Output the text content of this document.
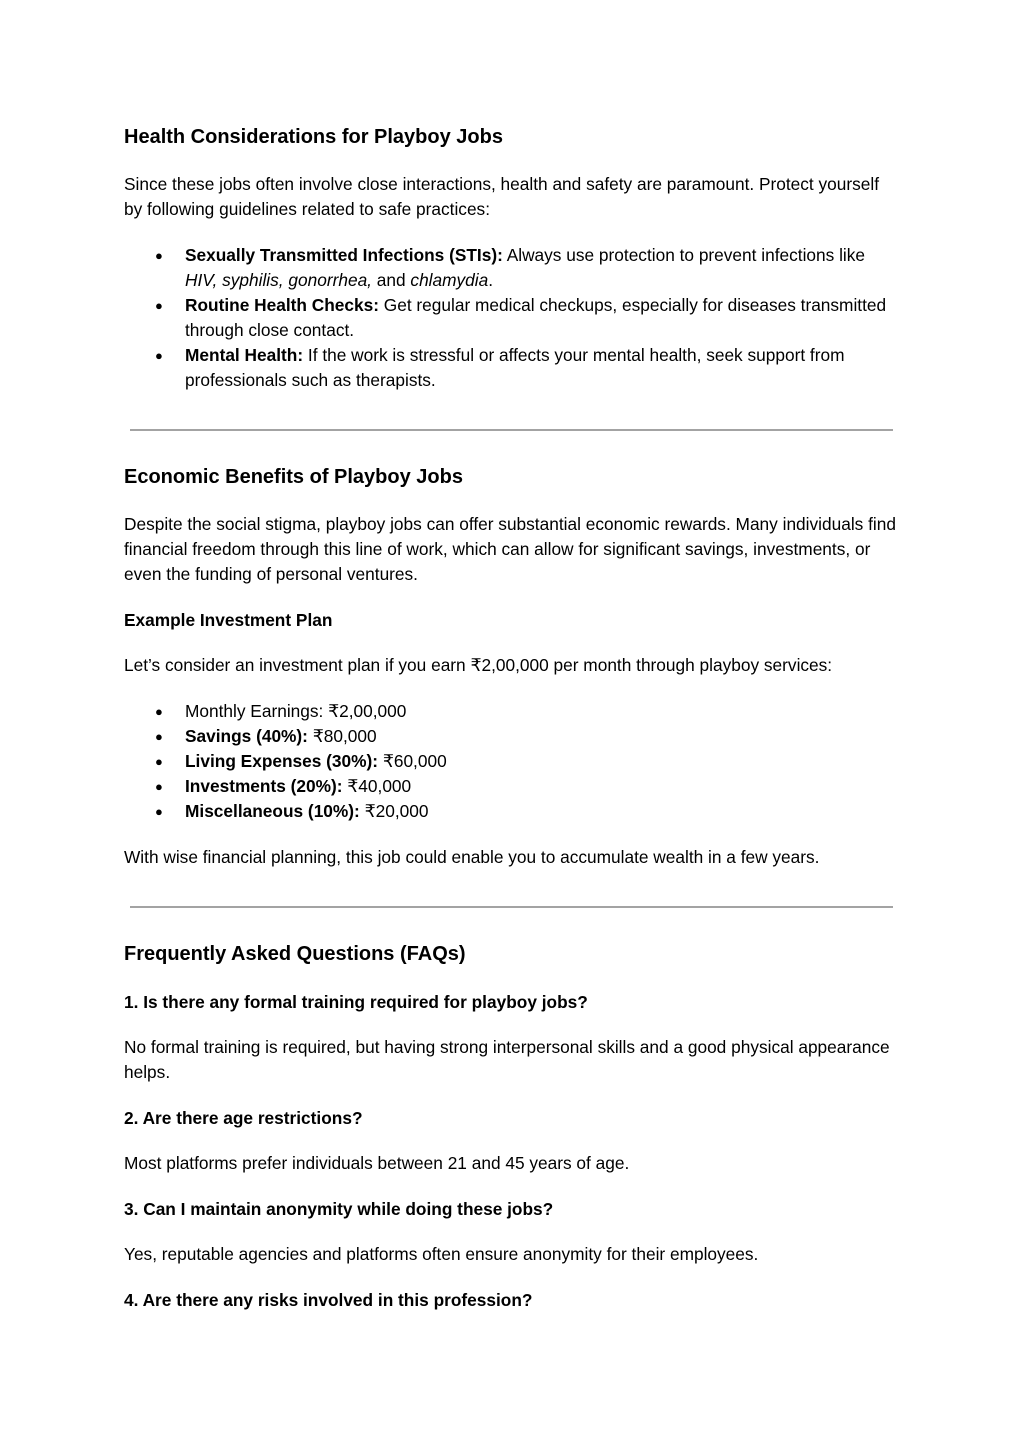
Health Considerations for Playboy Jobs
Since these jobs often involve close interactions, health and safety are paramount. Protect yourself by following guidelines related to safe practices:
● Sexually Transmitted Infections (STIs): Always use protection to prevent infections like HIV, syphilis, gonorrhea, and chlamydia.
● Routine Health Checks: Get regular medical checkups, especially for diseases transmitted through close contact.
● Mental Health: If the work is stressful or affects your mental health, seek support from professionals such as therapists.
Economic Benefits of Playboy Jobs
Despite the social stigma, playboy jobs can offer substantial economic rewards. Many individuals find financial freedom through this line of work, which can allow for significant savings, investments, or even the funding of personal ventures.
Example Investment Plan
Let’s consider an investment plan if you earn ₹2,00,000 per month through playboy services:
● Monthly Earnings: ₹2,00,000
● Savings (40%): ₹80,000
● Living Expenses (30%): ₹60,000
● Investments (20%): ₹40,000
● Miscellaneous (10%): ₹20,000
With wise financial planning, this job could enable you to accumulate wealth in a few years.
Frequently Asked Questions (FAQs)
1. Is there any formal training required for playboy jobs?
No formal training is required, but having strong interpersonal skills and a good physical appearance helps.
2. Are there age restrictions?
Most platforms prefer individuals between 21 and 45 years of age.
3. Can I maintain anonymity while doing these jobs?
Yes, reputable agencies and platforms often ensure anonymity for their employees.
4. Are there any risks involved in this profession?
